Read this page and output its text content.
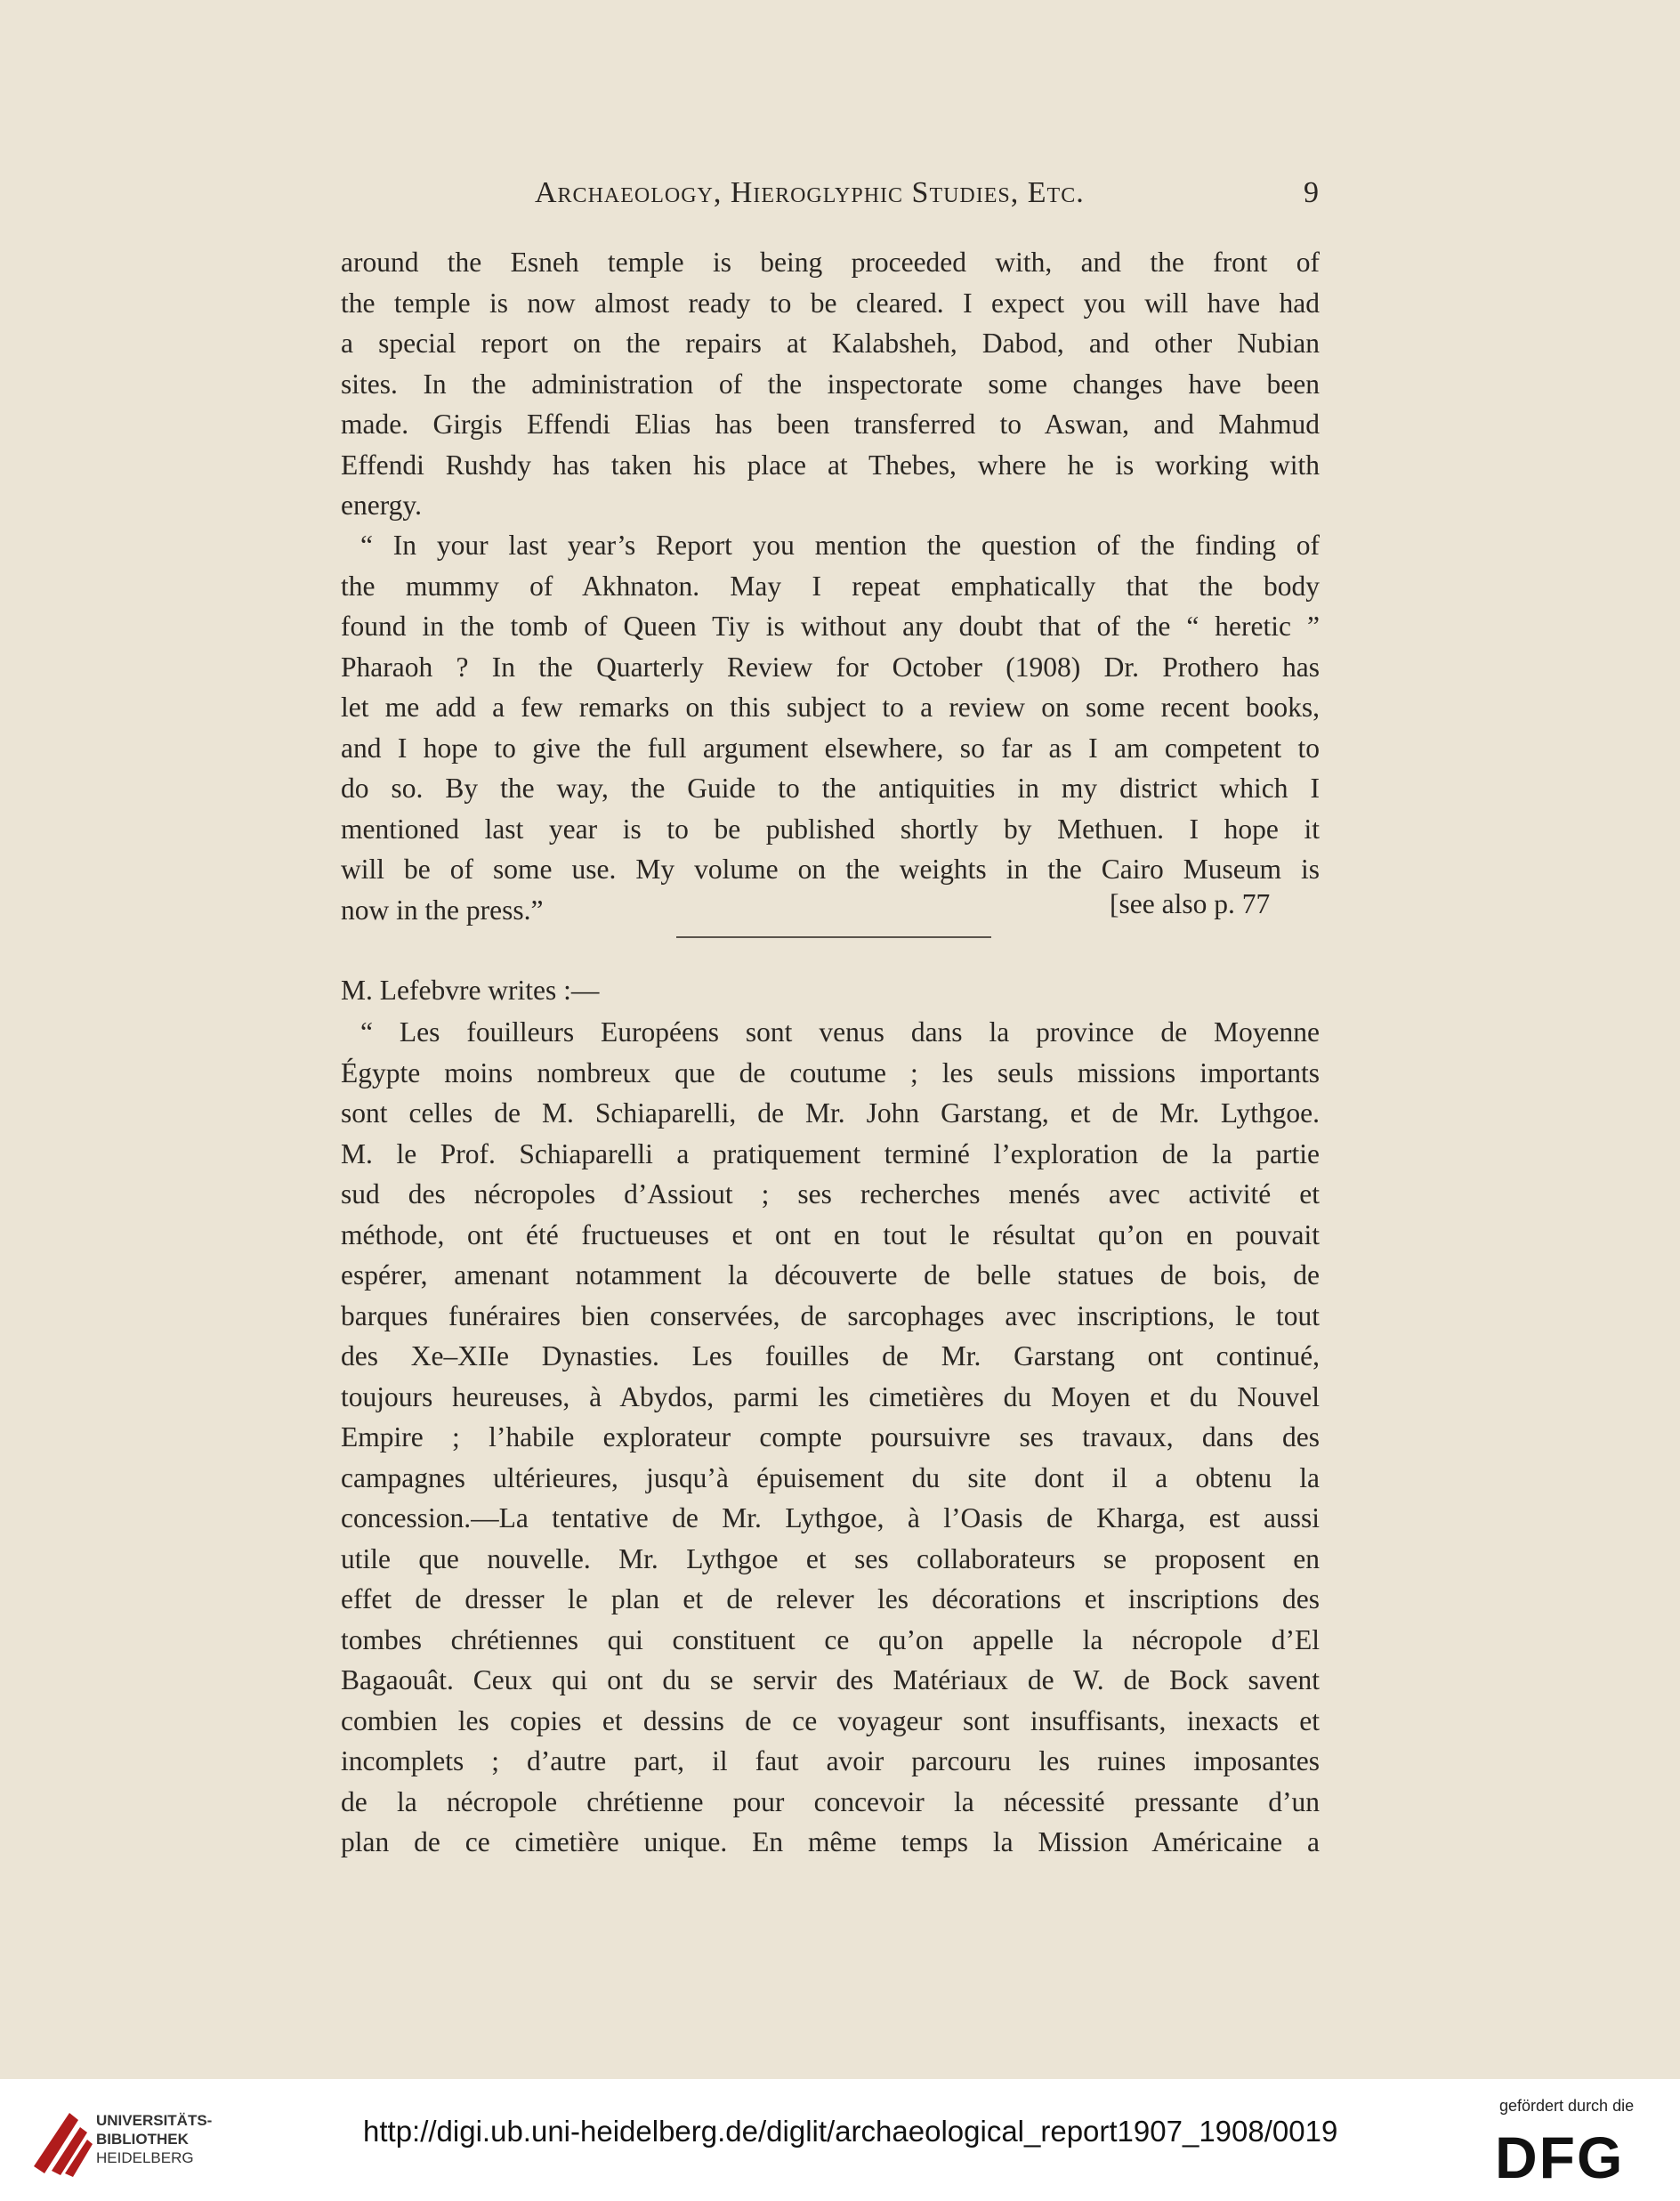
Archaeology, Hieroglyphic Studies, Etc.	9
around the Esneh temple is being proceeded with, and the front of
the temple is now almost ready to be cleared. I expect you will have had
a special report on the repairs at Kalabsheh, Dabod, and other Nubian
sites. In the administration of the inspectorate some changes have been
made. Girgis Effendi Elias has been transferred to Aswan, and Mahmud
Effendi Rushdy has taken his place at Thebes, where he is working with
energy.
“ In your last year’s Report you mention the question of the finding of
the mummy of Akhnaton. May I repeat emphatically that the body
found in the tomb of Queen Tiy is without any doubt that of the “ heretic ”
Pharaoh ? In the Quarterly Review for October (1908) Dr. Prothero has
let me add a few remarks on this subject to a review on some recent books,
and I hope to give the full argument elsewhere, so far as I am competent to
do so. By the way, the Guide to the antiquities in my district which I
mentioned last year is to be published shortly by Methuen. I hope it
will be of some use. My volume on the weights in the Cairo Museum is
now in the press.”	[see also p. 77
M. Lefebvre writes :—
“ Les fouilleurs Européens sont venus dans la province de Moyenne
Égypte moins nombreux que de coutume ; les seuls missions importants
sont celles de M. Schiaparelli, de Mr. John Garstang, et de Mr. Lythgoe.
M. le Prof. Schiaparelli a pratiquement terminé l’exploration de la partie
sud des nécropoles d’Assiout ; ses recherches menés avec activité et
méthode, ont été fructueuses et ont en tout le résultat qu’on en pouvait
espérer, amenant notamment la découverte de belle statues de bois, de
barques funéraires bien conservées, de sarcophages avec inscriptions, le tout
des Xe–XIIe Dynasties. Les fouilles de Mr. Garstang ont continué,
toujours heureuses, à Abydos, parmi les cimetières du Moyen et du Nouvel
Empire ; l’habile explorateur compte poursuivre ses travaux, dans des
campagnes ultérieures, jusqu’à épuisement du site dont il a obtenu la
concession.—La tentative de Mr. Lythgoe, à l’Oasis de Kharga, est aussi
utile que nouvelle. Mr. Lythgoe et ses collaborateurs se proposent en
effet de dresser le plan et de relever les décorations et inscriptions des
tombes chrétiennes qui constituent ce qu’on appelle la nécropole d’El
Bagaouât. Ceux qui ont du se servir des Matériaux de W. de Bock savent
combien les copies et dessins de ce voyageur sont insuffisants, inexacts et
incomplets ; d’autre part, il faut avoir parcouru les ruines imposantes
de la nécropole chrétienne pour concevoir la nécessité pressante d’un
plan de ce cimetière unique. En même temps la Mission Américaine a
UNIVERSITÄTS-
BIBLIOTHEK
HEIDELBERG
http://digi.ub.uni-heidelberg.de/diglit/archaeological_report1907_1908/0019
gefördert durch die
DFG
